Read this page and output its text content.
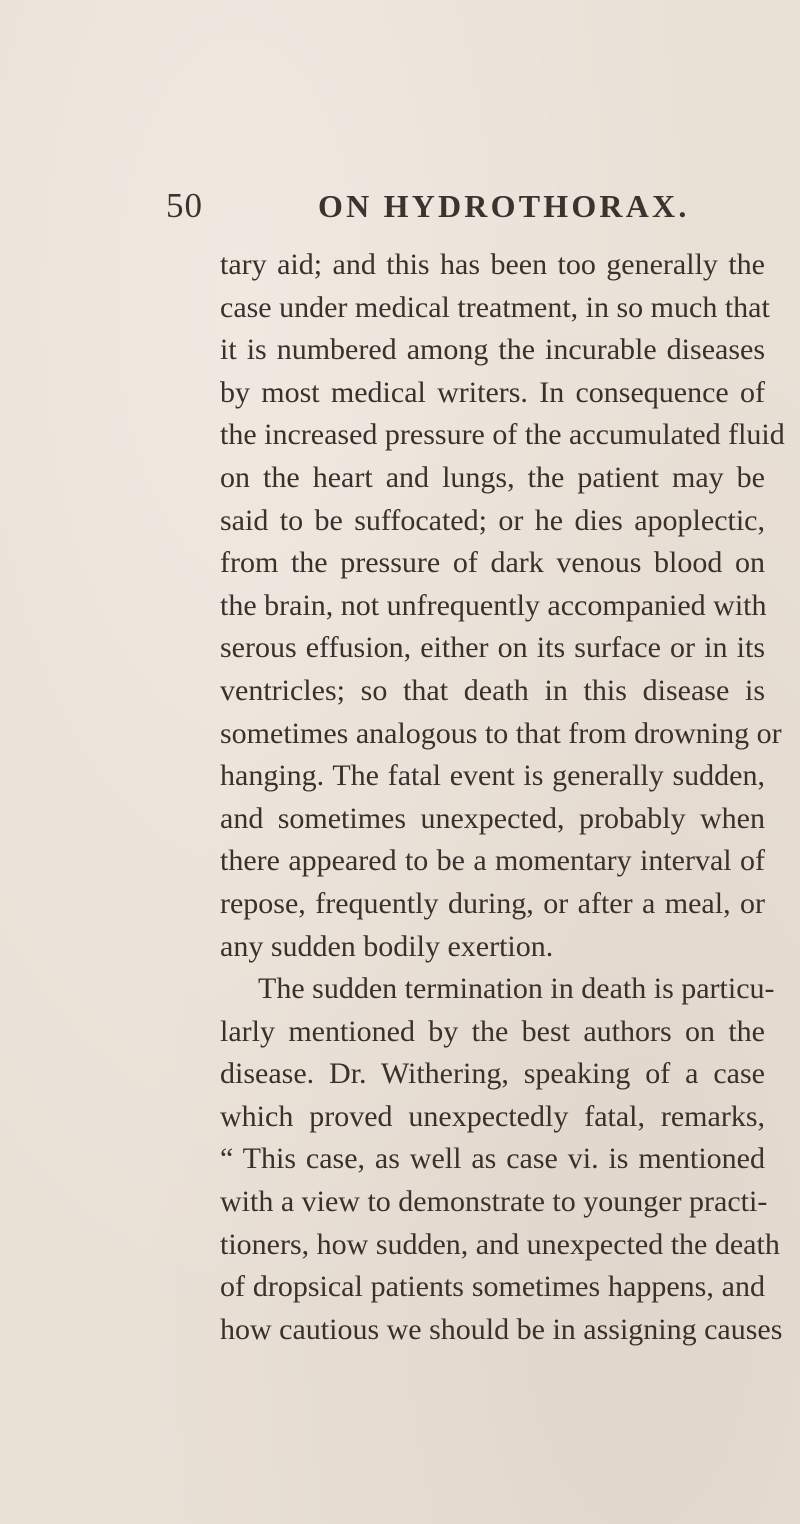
50	ON HYDROTHORAX.
tary aid; and this has been too generally the
case under medical treatment, in so much that
it is numbered among the incurable diseases
by most medical writers. In consequence of
the increased pressure of the accumulated fluid
on the heart and lungs, the patient may be
said to be suffocated; or he dies apoplectic,
from the pressure of dark venous blood on
the brain, not unfrequently accompanied with
serous effusion, either on its surface or in its
ventricles; so that death in this disease is
sometimes analogous to that from drowning or
hanging. The fatal event is generally sudden,
and sometimes unexpected, probably when
there appeared to be a momentary interval of
repose, frequently during, or after a meal, or
any sudden bodily exertion.
The sudden termination in death is particu-
larly mentioned by the best authors on the
disease. Dr. Withering, speaking of a case
which proved unexpectedly fatal, remarks,
“ This case, as well as case vi. is mentioned
with a view to demonstrate to younger practi-
tioners, how sudden, and unexpected the death
of dropsical patients sometimes happens, and
how cautious we should be in assigning causes
